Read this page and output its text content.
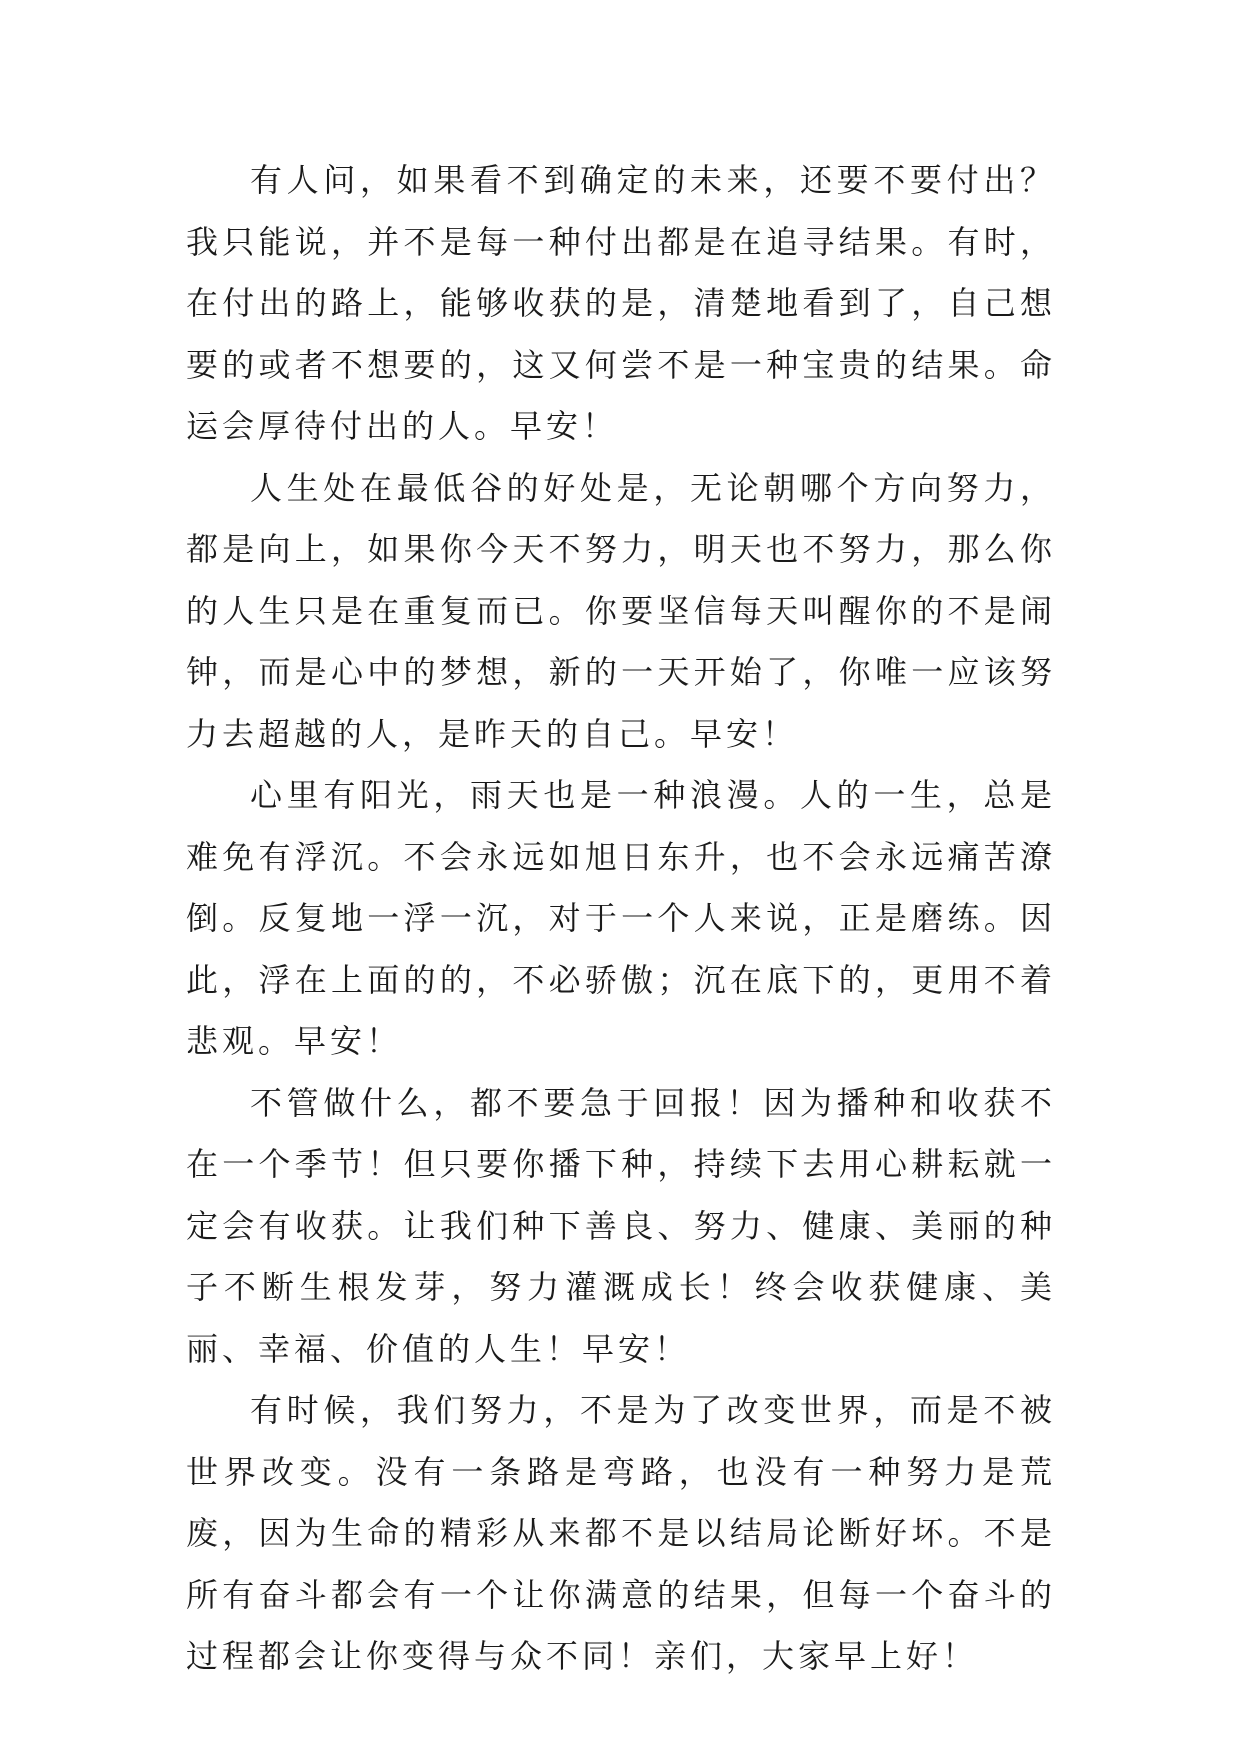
有人问，如果看不到确定的未来，还要不要付出？我只能说，并不是每一种付出都是在追寻结果。有时，在付出的路上，能够收获的是，清楚地看到了，自己想要的或者不想要的，这又何尝不是一种宝贵的结果。命运会厚待付出的人。早安！

人生处在最低谷的好处是，无论朝哪个方向努力，都是向上，如果你今天不努力，明天也不努力，那么你的人生只是在重复而已。你要坚信每天叫醒你的不是闹钟，而是心中的梦想，新的一天开始了，你唯一应该努力去超越的人，是昨天的自己。早安！

心里有阳光，雨天也是一种浪漫。人的一生，总是难免有浮沉。不会永远如旭日东升，也不会永远痛苦潦倒。反复地一浮一沉，对于一个人来说，正是磨练。因此，浮在上面的的，不必骄傲；沉在底下的，更用不着悲观。早安！

不管做什么，都不要急于回报！因为播种和收获不在一个季节！但只要你播下种，持续下去用心耕耘就一定会有收获。让我们种下善良、努力、健康、美丽的种子不断生根发芽，努力灌溉成长！终会收获健康、美丽、幸福、价值的人生！早安！

有时候，我们努力，不是为了改变世界，而是不被世界改变。没有一条路是弯路，也没有一种努力是荒废，因为生命的精彩从来都不是以结局论断好坏。不是所有奋斗都会有一个让你满意的结果，但每一个奋斗的过程都会让你变得与众不同！亲们，大家早上好！
